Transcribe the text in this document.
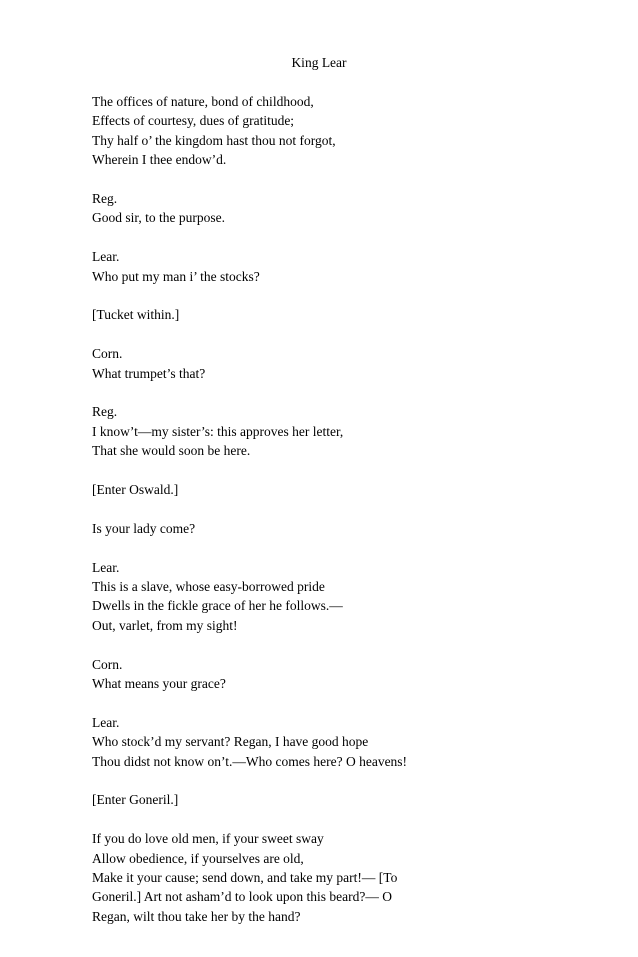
King Lear
The offices of nature, bond of childhood,
Effects of courtesy, dues of gratitude;
Thy half o’ the kingdom hast thou not forgot,
Wherein I thee endow’d.
Reg.
Good sir, to the purpose.
Lear.
Who put my man i’ the stocks?
[Tucket within.]
Corn.
What trumpet’s that?
Reg.
I know’t—my sister’s: this approves her letter,
That she would soon be here.
[Enter Oswald.]
Is your lady come?
Lear.
This is a slave, whose easy-borrowed pride
Dwells in the fickle grace of her he follows.—
Out, varlet, from my sight!
Corn.
What means your grace?
Lear.
Who stock’d my servant? Regan, I have good hope
Thou didst not know on’t.—Who comes here? O heavens!
[Enter Goneril.]
If you do love old men, if your sweet sway
Allow obedience, if yourselves are old,
Make it your cause; send down, and take my part!— [To
Goneril.] Art not asham’d to look upon this beard?— O
Regan, wilt thou take her by the hand?
